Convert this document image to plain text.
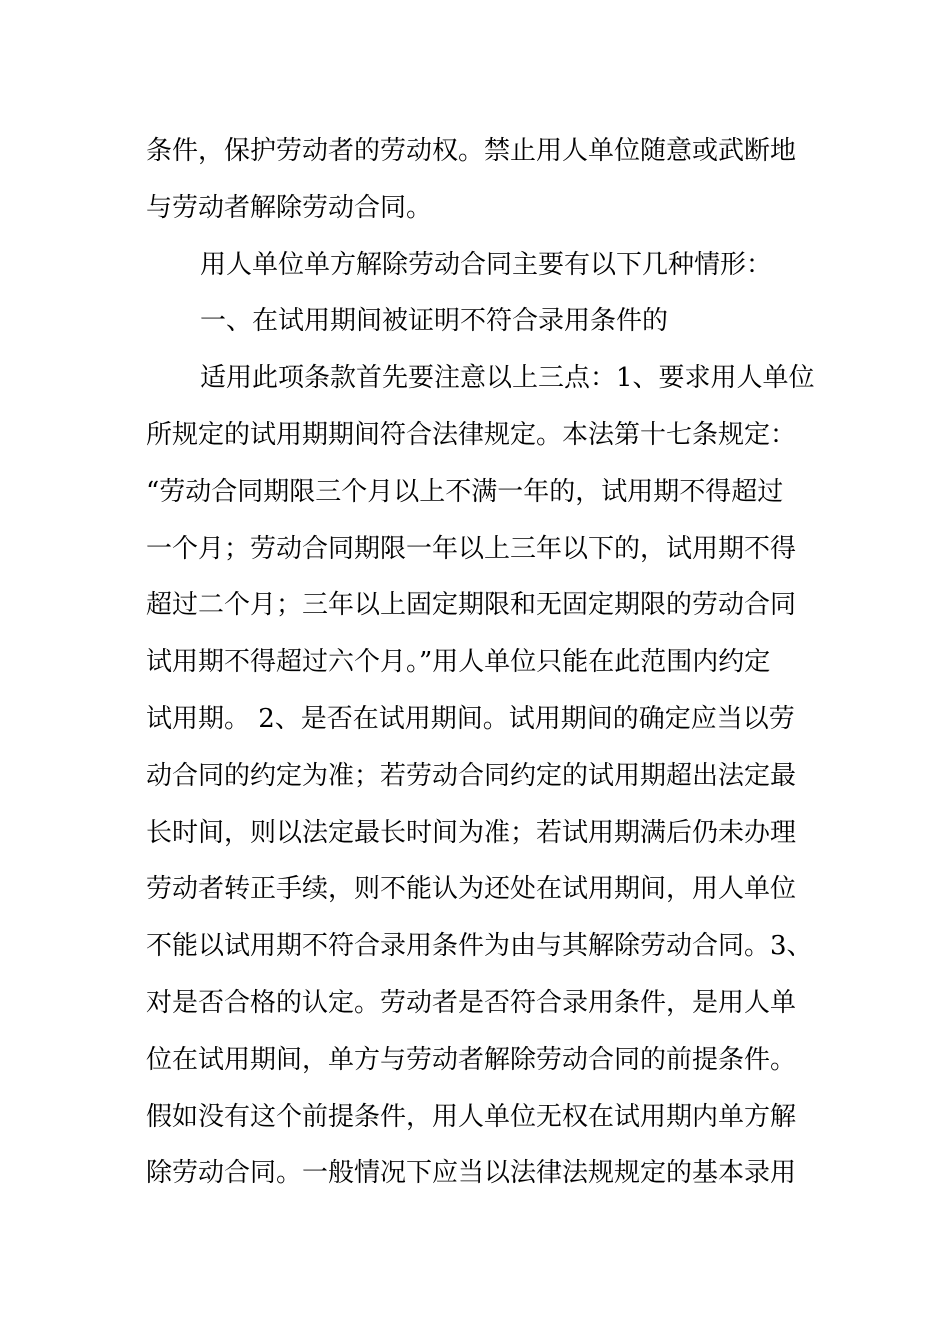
条件，保护劳动者的劳动权。禁止用人单位随意或武断地
与劳动者解除劳动合同。
用人单位单方解除劳动合同主要有以下几种情形：
一、在试用期间被证明不符合录用条件的
适用此项条款首先要注意以上三点：1、要求用人单位
所规定的试用期期间符合法律规定。本法第十七条规定：
“劳动合同期限三个月以上不满一年的，试用期不得超过
一个月；劳动合同期限一年以上三年以下的，试用期不得
超过二个月；三年以上固定期限和无固定期限的劳动合同
试用期不得超过六个月。”用人单位只能在此范围内约定
试用期。 2、是否在试用期间。试用期间的确定应当以劳
动合同的约定为准；若劳动合同约定的试用期超出法定最
长时间，则以法定最长时间为准；若试用期满后仍未办理
劳动者转正手续，则不能认为还处在试用期间，用人单位
不能以试用期不符合录用条件为由与其解除劳动合同。3、
对是否合格的认定。劳动者是否符合录用条件，是用人单
位在试用期间，单方与劳动者解除劳动合同的前提条件。
假如没有这个前提条件，用人单位无权在试用期内单方解
除劳动合同。一般情况下应当以法律法规规定的基本录用
